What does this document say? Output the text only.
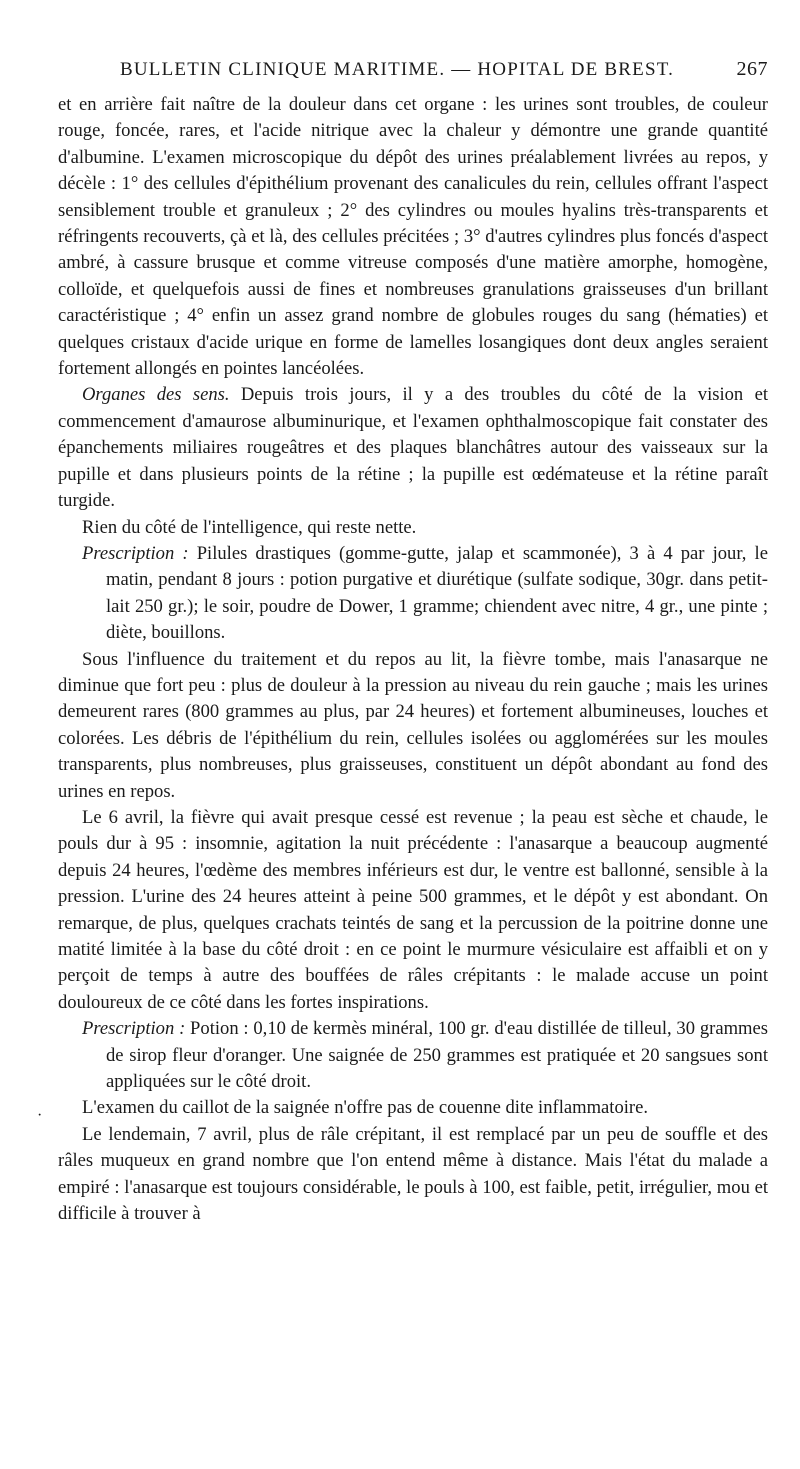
BULLETIN CLINIQUE MARITIME. — HOPITAL DE BREST.	267

et en arrière fait naître de la douleur dans cet organe : les urines sont troubles, de couleur rouge, foncée, rares, et l'acide nitrique avec la chaleur y démontre une grande quantité d'albumine. L'examen microscopique du dépôt des urines préalablement livrées au repos, y décèle : 1° des cellules d'épithélium provenant des canalicules du rein, cellules offrant l'aspect sensiblement trouble et granuleux ; 2° des cylindres ou moules hyalins très-transparents et réfringents recouverts, çà et là, des cellules précitées ; 3° d'autres cylindres plus foncés d'aspect ambré, à cassure brusque et comme vitreuse composés d'une matière amorphe, homogène, colloïde, et quelquefois aussi de fines et nombreuses granulations graisseuses d'un brillant caractéristique ; 4° enfin un assez grand nombre de globules rouges du sang (hématies) et quelques cristaux d'acide urique en forme de lamelles losangiques dont deux angles seraient fortement allongés en pointes lancéolées.

Organes des sens. Depuis trois jours, il y a des troubles du côté de la vision et commencement d'amaurose albuminurique, et l'examen ophthalmoscopique fait constater des épanchements miliaires rougeâtres et des plaques blanchâtres autour des vaisseaux sur la pupille et dans plusieurs points de la rétine ; la pupille est œdémateuse et la rétine paraît turgide.

Rien du côté de l'intelligence, qui reste nette.

Prescription : Pilules drastiques (gomme-gutte, jalap et scammonée), 3 à 4 par jour, le matin, pendant 8 jours : potion purgative et diurétique (sulfate sodique, 30gr. dans petit-lait 250 gr.); le soir, poudre de Dower, 1 gramme; chiendent avec nitre, 4 gr., une pinte ; diète, bouillons.

Sous l'influence du traitement et du repos au lit, la fièvre tombe, mais l'anasarque ne diminue que fort peu : plus de douleur à la pression au niveau du rein gauche ; mais les urines demeurent rares (800 grammes au plus, par 24 heures) et fortement albumineuses, louches et colorées. Les débris de l'épithélium du rein, cellules isolées ou agglomérées sur les moules transparents, plus nombreuses, plus graisseuses, constituent un dépôt abondant au fond des urines en repos.

Le 6 avril, la fièvre qui avait presque cessé est revenue ; la peau est sèche et chaude, le pouls dur à 95 : insomnie, agitation la nuit précédente : l'anasarque a beaucoup augmenté depuis 24 heures, l'œdème des membres inférieurs est dur, le ventre est ballonné, sensible à la pression. L'urine des 24 heures atteint à peine 500 grammes, et le dépôt y est abondant. On remarque, de plus, quelques crachats teintés de sang et la percussion de la poitrine donne une matité limitée à la base du côté droit : en ce point le murmure vésiculaire est affaibli et on y perçoit de temps à autre des bouffées de râles crépitants : le malade accuse un point douloureux de ce côté dans les fortes inspirations.

Prescription : Potion : 0,10 de kermès minéral, 100 gr. d'eau distillée de tilleul, 30 grammes de sirop fleur d'oranger. Une saignée de 250 grammes est pratiquée et 20 sangsues sont appliquées sur le côté droit.

L'examen du caillot de la saignée n'offre pas de couenne dite inflammatoire.

Le lendemain, 7 avril, plus de râle crépitant, il est remplacé par un peu de souffle et des râles muqueux en grand nombre que l'on entend même à distance. Mais l'état du malade a empiré : l'anasarque est toujours considérable, le pouls à 100, est faible, petit, irrégulier, mou et difficile à trouver à

·
